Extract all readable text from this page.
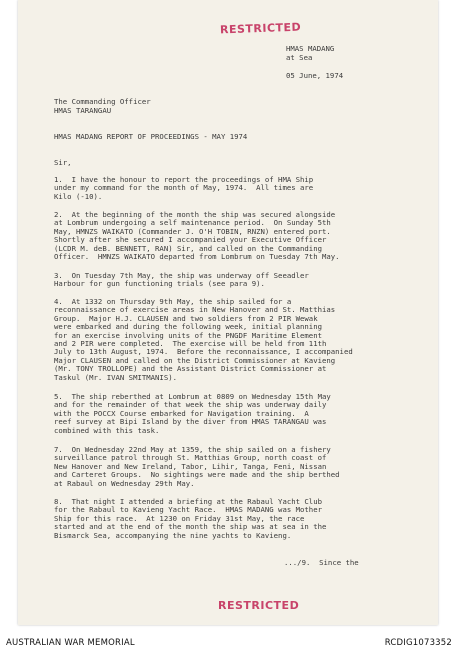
RESTRICTED
HMAS MADANG
at Sea
05 June, 1974
The Commanding Officer
HMAS TARANGAU
HMAS MADANG REPORT OF PROCEEDINGS - MAY 1974
Sir,
1.  I have the honour to report the proceedings of HMA Ship
under my command for the month of May, 1974.  All times are
Kilo (-10).
2.  At the beginning of the month the ship was secured alongside
at Lombrum undergoing a self maintenance period.  On Sunday 5th
May, HMNZS WAIKATO (Commander J. O'H TOBIN, RNZN) entered port.
Shortly after she secured I accompanied your Executive Officer
(LCDR M. deB. BENNETT, RAN) Sir, and called on the Commanding
Officer.  HMNZS WAIKATO departed from Lombrum on Tuesday 7th May.
3.  On Tuesday 7th May, the ship was underway off Seeadler
Harbour for gun functioning trials (see para 9).
4.  At 1332 on Thursday 9th May, the ship sailed for a
reconnaissance of exercise areas in New Hanover and St. Matthias
Group.  Major H.J. CLAUSEN and two soldiers from 2 PIR Wewak
were embarked and during the following week, initial planning
for an exercise involving units of the PNGDF Maritime Element
and 2 PIR were completed.  The exercise will be held from 11th
July to 13th August, 1974.  Before the reconnaissance, I accompanied
Major CLAUSEN and called on the District Commissioner at Kavieng
(Mr. TONY TROLLOPE) and the Assistant District Commissioner at
Taskul (Mr. IVAN SMITMANIS).
5.  The ship reberthed at Lombrum at 0809 on Wednesday 15th May
and for the remainder of that week the ship was underway daily
with the POCCX Course embarked for Navigation training.  A
reef survey at Bipi Island by the diver from HMAS TARANGAU was
combined with this task.
7.  On Wednesday 22nd May at 1359, the ship sailed on a fishery
surveillance patrol through St. Matthias Group, north coast of
New Hanover and New Ireland, Tabor, Lihir, Tanga, Feni, Nissan
and Carteret Groups.  No sightings were made and the ship berthed
at Rabaul on Wednesday 29th May.
8.  That night I attended a briefing at the Rabaul Yacht Club
for the Rabaul to Kavieng Yacht Race.  HMAS MADANG was Mother
Ship for this race.  At 1230 on Friday 31st May, the race
started and at the end of the month the ship was at sea in the
Bismarck Sea, accompanying the nine yachts to Kavieng.
.../9.  Since the
RESTRICTED
AUSTRALIAN WAR MEMORIAL	RCDIG1073352
